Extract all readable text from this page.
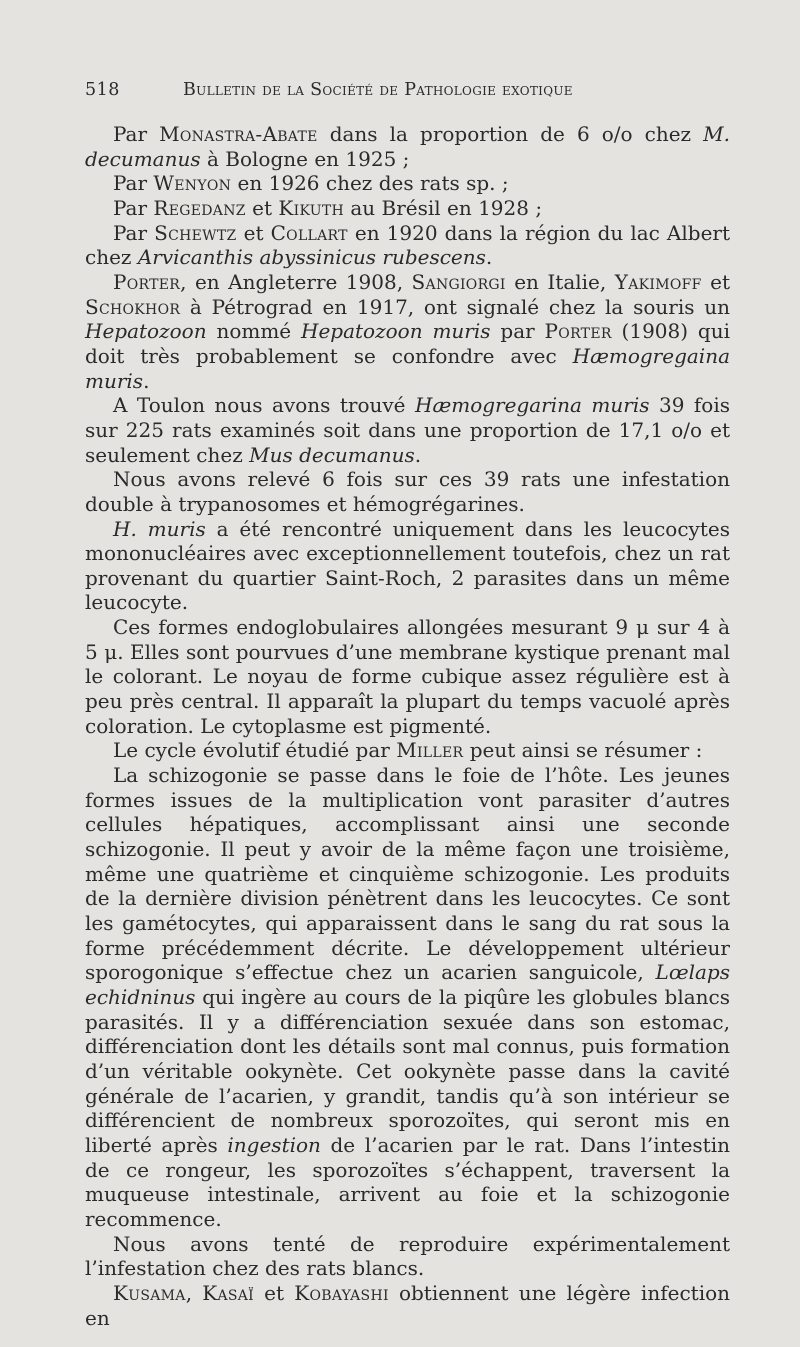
518	Bulletin de la Société de Pathologie exotique

Par Monastra-Abate dans la proportion de 6 o/o chez M. decumanus à Bologne en 1925 ;

Par Wenyon en 1926 chez des rats sp. ;

Par Regedanz et Kikuth au Brésil en 1928 ;

Par Schewtz et Collart en 1920 dans la région du lac Albert chez Arvicanthis abyssinicus rubescens.

Porter, en Angleterre 1908, Sangiorgi en Italie, Yakimoff et Schokhor à Pétrograd en 1917, ont signalé chez la souris un Hepatozoon nommé Hepatozoon muris par Porter (1908) qui doit très probablement se confondre avec Hæmogregaina muris.

A Toulon nous avons trouvé Hæmogregarina muris 39 fois sur 225 rats examinés soit dans une proportion de 17,1 o/o et seulement chez Mus decumanus.

Nous avons relevé 6 fois sur ces 39 rats une infestation double à trypanosomes et hémogrégarines.

H. muris a été rencontré uniquement dans les leucocytes mononucléaires avec exceptionnellement toutefois, chez un rat provenant du quartier Saint-Roch, 2 parasites dans un même leucocyte.

Ces formes endoglobulaires allongées mesurant 9 μ sur 4 à 5 μ. Elles sont pourvues d’une membrane kystique prenant mal le colorant. Le noyau de forme cubique assez régulière est à peu près central. Il apparaît la plupart du temps vacuolé après coloration. Le cytoplasme est pigmenté.

Le cycle évolutif étudié par Miller peut ainsi se résumer :

La schizogonie se passe dans le foie de l’hôte. Les jeunes formes issues de la multiplication vont parasiter d’autres cellules hépatiques, accomplissant ainsi une seconde schizogonie. Il peut y avoir de la même façon une troisième, même une quatrième et cinquième schizogonie. Les produits de la dernière division pénètrent dans les leucocytes. Ce sont les gamétocytes, qui apparaissent dans le sang du rat sous la forme précédemment décrite. Le développement ultérieur sporogonique s’effectue chez un acarien sanguicole, Lœlaps echidninus qui ingère au cours de la piqûre les globules blancs parasités. Il y a différenciation sexuée dans son estomac, différenciation dont les détails sont mal connus, puis formation d’un véritable ookynète. Cet ookynète passe dans la cavité générale de l’acarien, y grandit, tandis qu’à son intérieur se différencient de nombreux sporozoïtes, qui seront mis en liberté après ingestion de l’acarien par le rat. Dans l’intestin de ce rongeur, les sporozoïtes s’échappent, traversent la muqueuse intestinale, arrivent au foie et la schizogonie recommence.

Nous avons tenté de reproduire expérimentalement l’infestation chez des rats blancs.

Kusama, Kasaï et Kobayashi obtiennent une légère infection en
